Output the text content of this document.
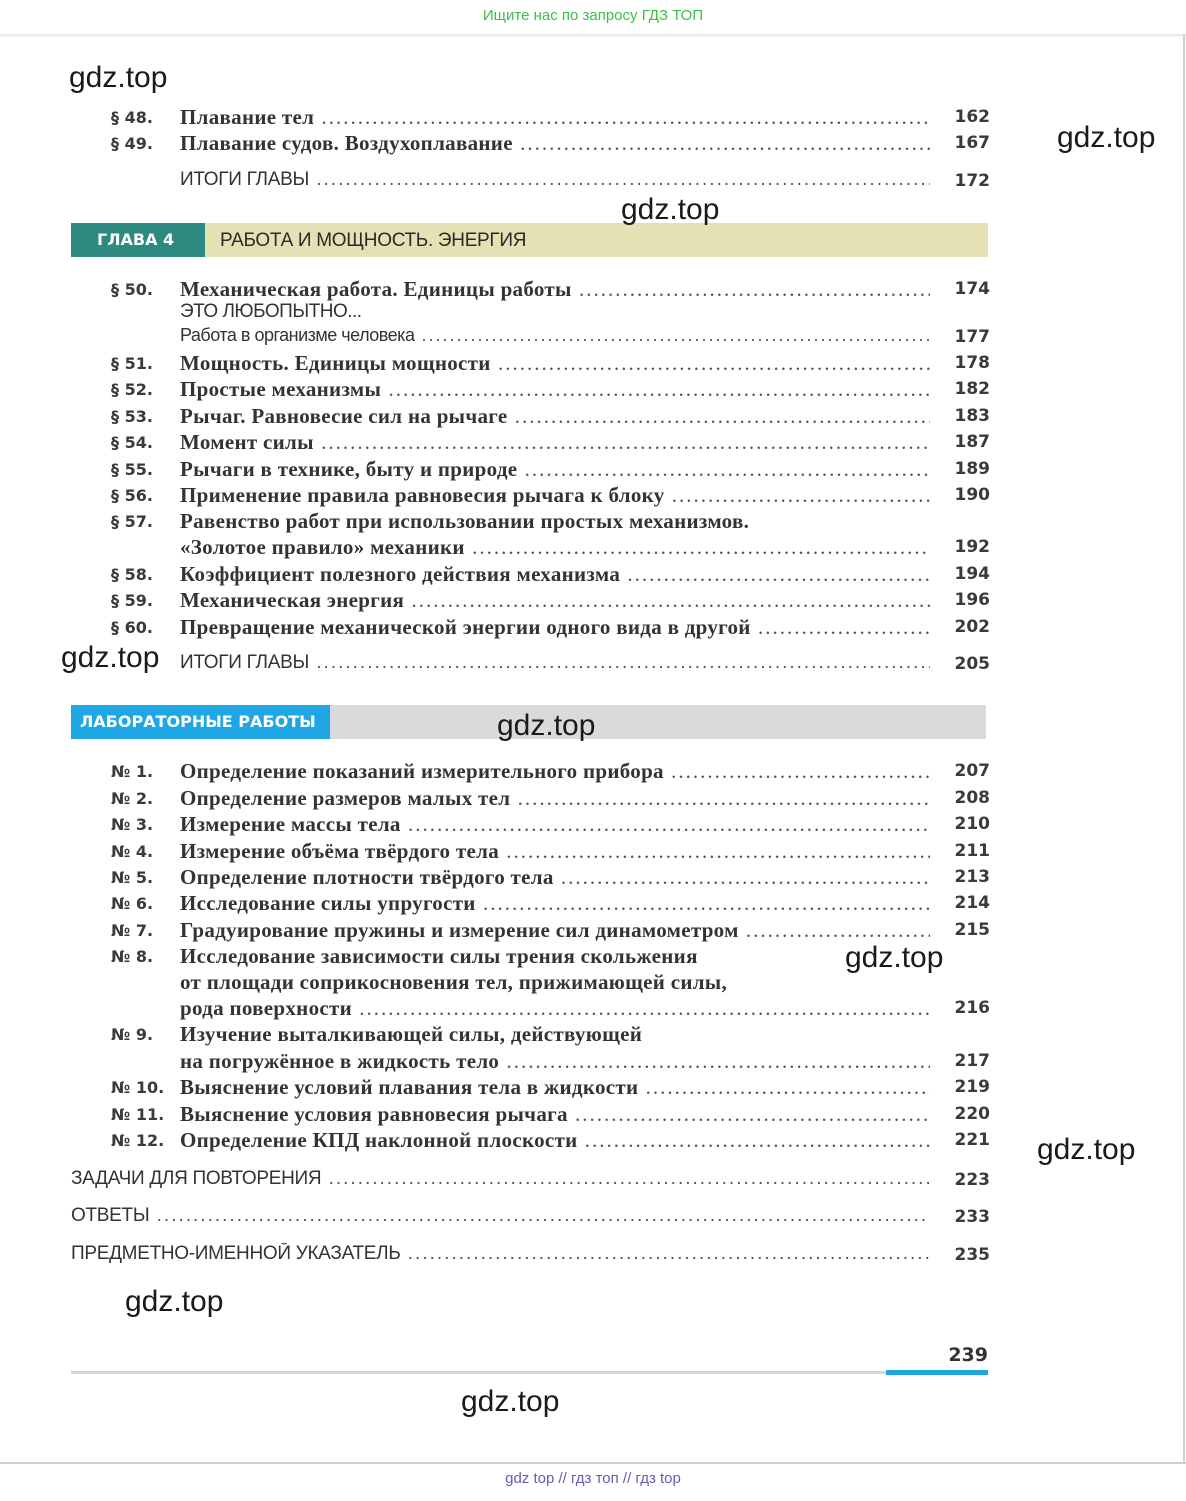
Ищите нас по запросу ГДЗ ТОП
§ 48. Плавание тел .....	162
§ 49. Плавание судов. Воздухоплавание .....	167
ИТОГИ ГЛАВЫ .....	172
ГЛАВА 4	РАБОТА И МОЩНОСТЬ. ЭНЕРГИЯ
§ 50. Механическая работа. Единицы работы .....	174
ЭТО ЛЮБОПЫТНО...
Работа в организме человека .....	177
§ 51. Мощность. Единицы мощности .....	178
§ 52. Простые механизмы .....	182
§ 53. Рычаг. Равновесие сил на рычаге .....	183
§ 54. Момент силы .....	187
§ 55. Рычаги в технике, быту и природе .....	189
§ 56. Применение правила равновесия рычага к блоку .....	190
§ 57. Равенство работ при использовании простых механизмов.
«Золотое правило» механики .....	192
§ 58. Коэффициент полезного действия механизма .....	194
§ 59. Механическая энергия .....	196
§ 60. Превращение механической энергии одного вида в другой .....	202
ИТОГИ ГЛАВЫ .....	205
ЛАБОРАТОРНЫЕ РАБОТЫ
№ 1. Определение показаний измерительного прибора .....	207
№ 2. Определение размеров малых тел .....	208
№ 3. Измерение массы тела .....	210
№ 4. Измерение объёма твёрдого тела .....	211
№ 5. Определение плотности твёрдого тела .....	213
№ 6. Исследование силы упругости .....	214
№ 7. Градуирование пружины и измерение сил динамометром .....	215
№ 8. Исследование зависимости силы трения скольжения
от площади соприкосновения тел, прижимающей силы,
рода поверхности .....	216
№ 9. Изучение выталкивающей силы, действующей
на погружённое в жидкость тело .....	217
№ 10. Выяснение условий плавания тела в жидкости .....	219
№ 11. Выяснение условия равновесия рычага .....	220
№ 12. Определение КПД наклонной плоскости .....	221
ЗАДАЧИ ДЛЯ ПОВТОРЕНИЯ .....	223
ОТВЕТЫ .....	233
ПРЕДМЕТНО-ИМЕННОЙ УКАЗАТЕЛЬ .....	235
239
gdz.top
gdz.top
gdz.top
gdz.top
gdz.top
gdz.top
gdz.top
gdz.top
gdz.top
gdz top // гдз топ // гдз top
